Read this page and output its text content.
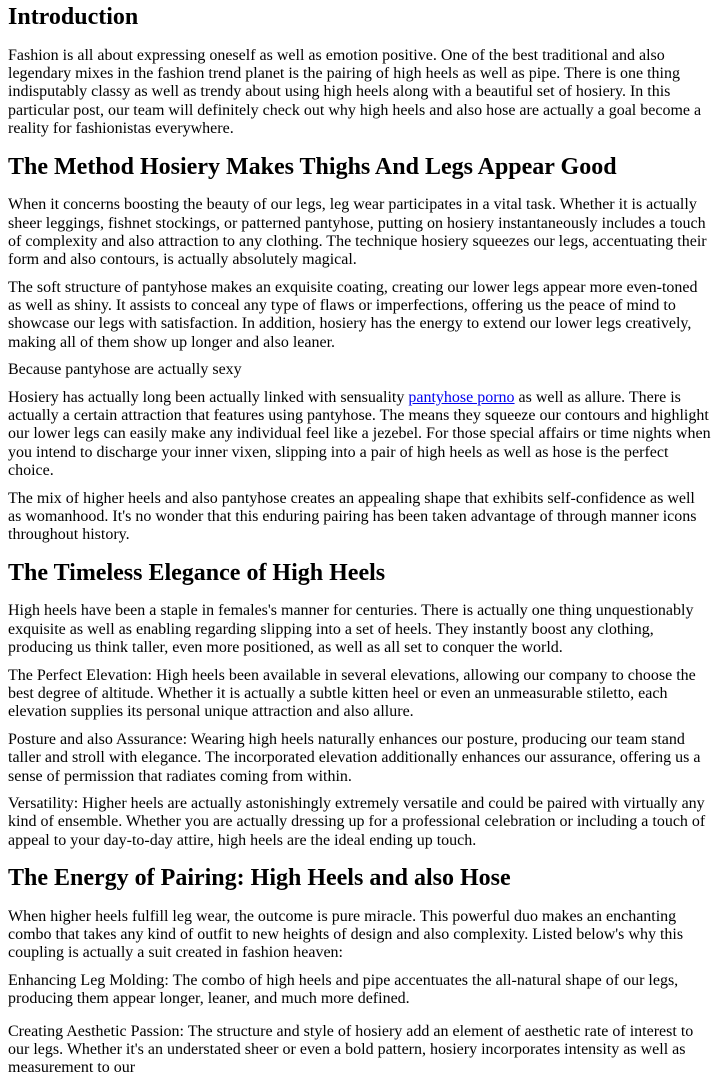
Introduction

Fashion is all about expressing oneself as well as emotion positive. One of the best traditional and also legendary mixes in the fashion trend planet is the pairing of high heels as well as pipe. There is one thing indisputably classy as well as trendy about using high heels along with a beautiful set of hosiery. In this particular post, our team will definitely check out why high heels and also hose are actually a goal become a reality for fashionistas everywhere.

The Method Hosiery Makes Thighs And Legs Appear Good

When it concerns boosting the beauty of our legs, leg wear participates in a vital task. Whether it is actually sheer leggings, fishnet stockings, or patterned pantyhose, putting on hosiery instantaneously includes a touch of complexity and also attraction to any clothing. The technique hosiery squeezes our legs, accentuating their form and also contours, is actually absolutely magical.

The soft structure of pantyhose makes an exquisite coating, creating our lower legs appear more even-toned as well as shiny. It assists to conceal any type of flaws or imperfections, offering us the peace of mind to showcase our legs with satisfaction. In addition, hosiery has the energy to extend our lower legs creatively, making all of them show up longer and also leaner.

Because pantyhose are actually sexy

Hosiery has actually long been actually linked with sensuality pantyhose porno as well as allure. There is actually a certain attraction that features using pantyhose. The means they squeeze our contours and highlight our lower legs can easily make any individual feel like a jezebel. For those special affairs or time nights when you intend to discharge your inner vixen, slipping into a pair of high heels as well as hose is the perfect choice.

The mix of higher heels and also pantyhose creates an appealing shape that exhibits self-confidence as well as womanhood. It's no wonder that this enduring pairing has been taken advantage of through manner icons throughout history.

The Timeless Elegance of High Heels

High heels have been a staple in females's manner for centuries. There is actually one thing unquestionably exquisite as well as enabling regarding slipping into a set of heels. They instantly boost any clothing, producing us think taller, even more positioned, as well as all set to conquer the world.

The Perfect Elevation: High heels been available in several elevations, allowing our company to choose the best degree of altitude. Whether it is actually a subtle kitten heel or even an unmeasurable stiletto, each elevation supplies its personal unique attraction and also allure.

Posture and also Assurance: Wearing high heels naturally enhances our posture, producing our team stand taller and stroll with elegance. The incorporated elevation additionally enhances our assurance, offering us a sense of permission that radiates coming from within.

Versatility: Higher heels are actually astonishingly extremely versatile and could be paired with virtually any kind of ensemble. Whether you are actually dressing up for a professional celebration or including a touch of appeal to your day-to-day attire, high heels are the ideal ending up touch.

The Energy of Pairing: High Heels and also Hose

When higher heels fulfill leg wear, the outcome is pure miracle. This powerful duo makes an enchanting combo that takes any kind of outfit to new heights of design and also complexity. Listed below's why this coupling is actually a suit created in fashion heaven:

Enhancing Leg Molding: The combo of high heels and pipe accentuates the all-natural shape of our legs, producing them appear longer, leaner, and much more defined.

Creating Aesthetic Passion: The structure and style of hosiery add an element of aesthetic rate of interest to our legs. Whether it's an understated sheer or even a bold pattern, hosiery incorporates intensity as well as measurement to our
